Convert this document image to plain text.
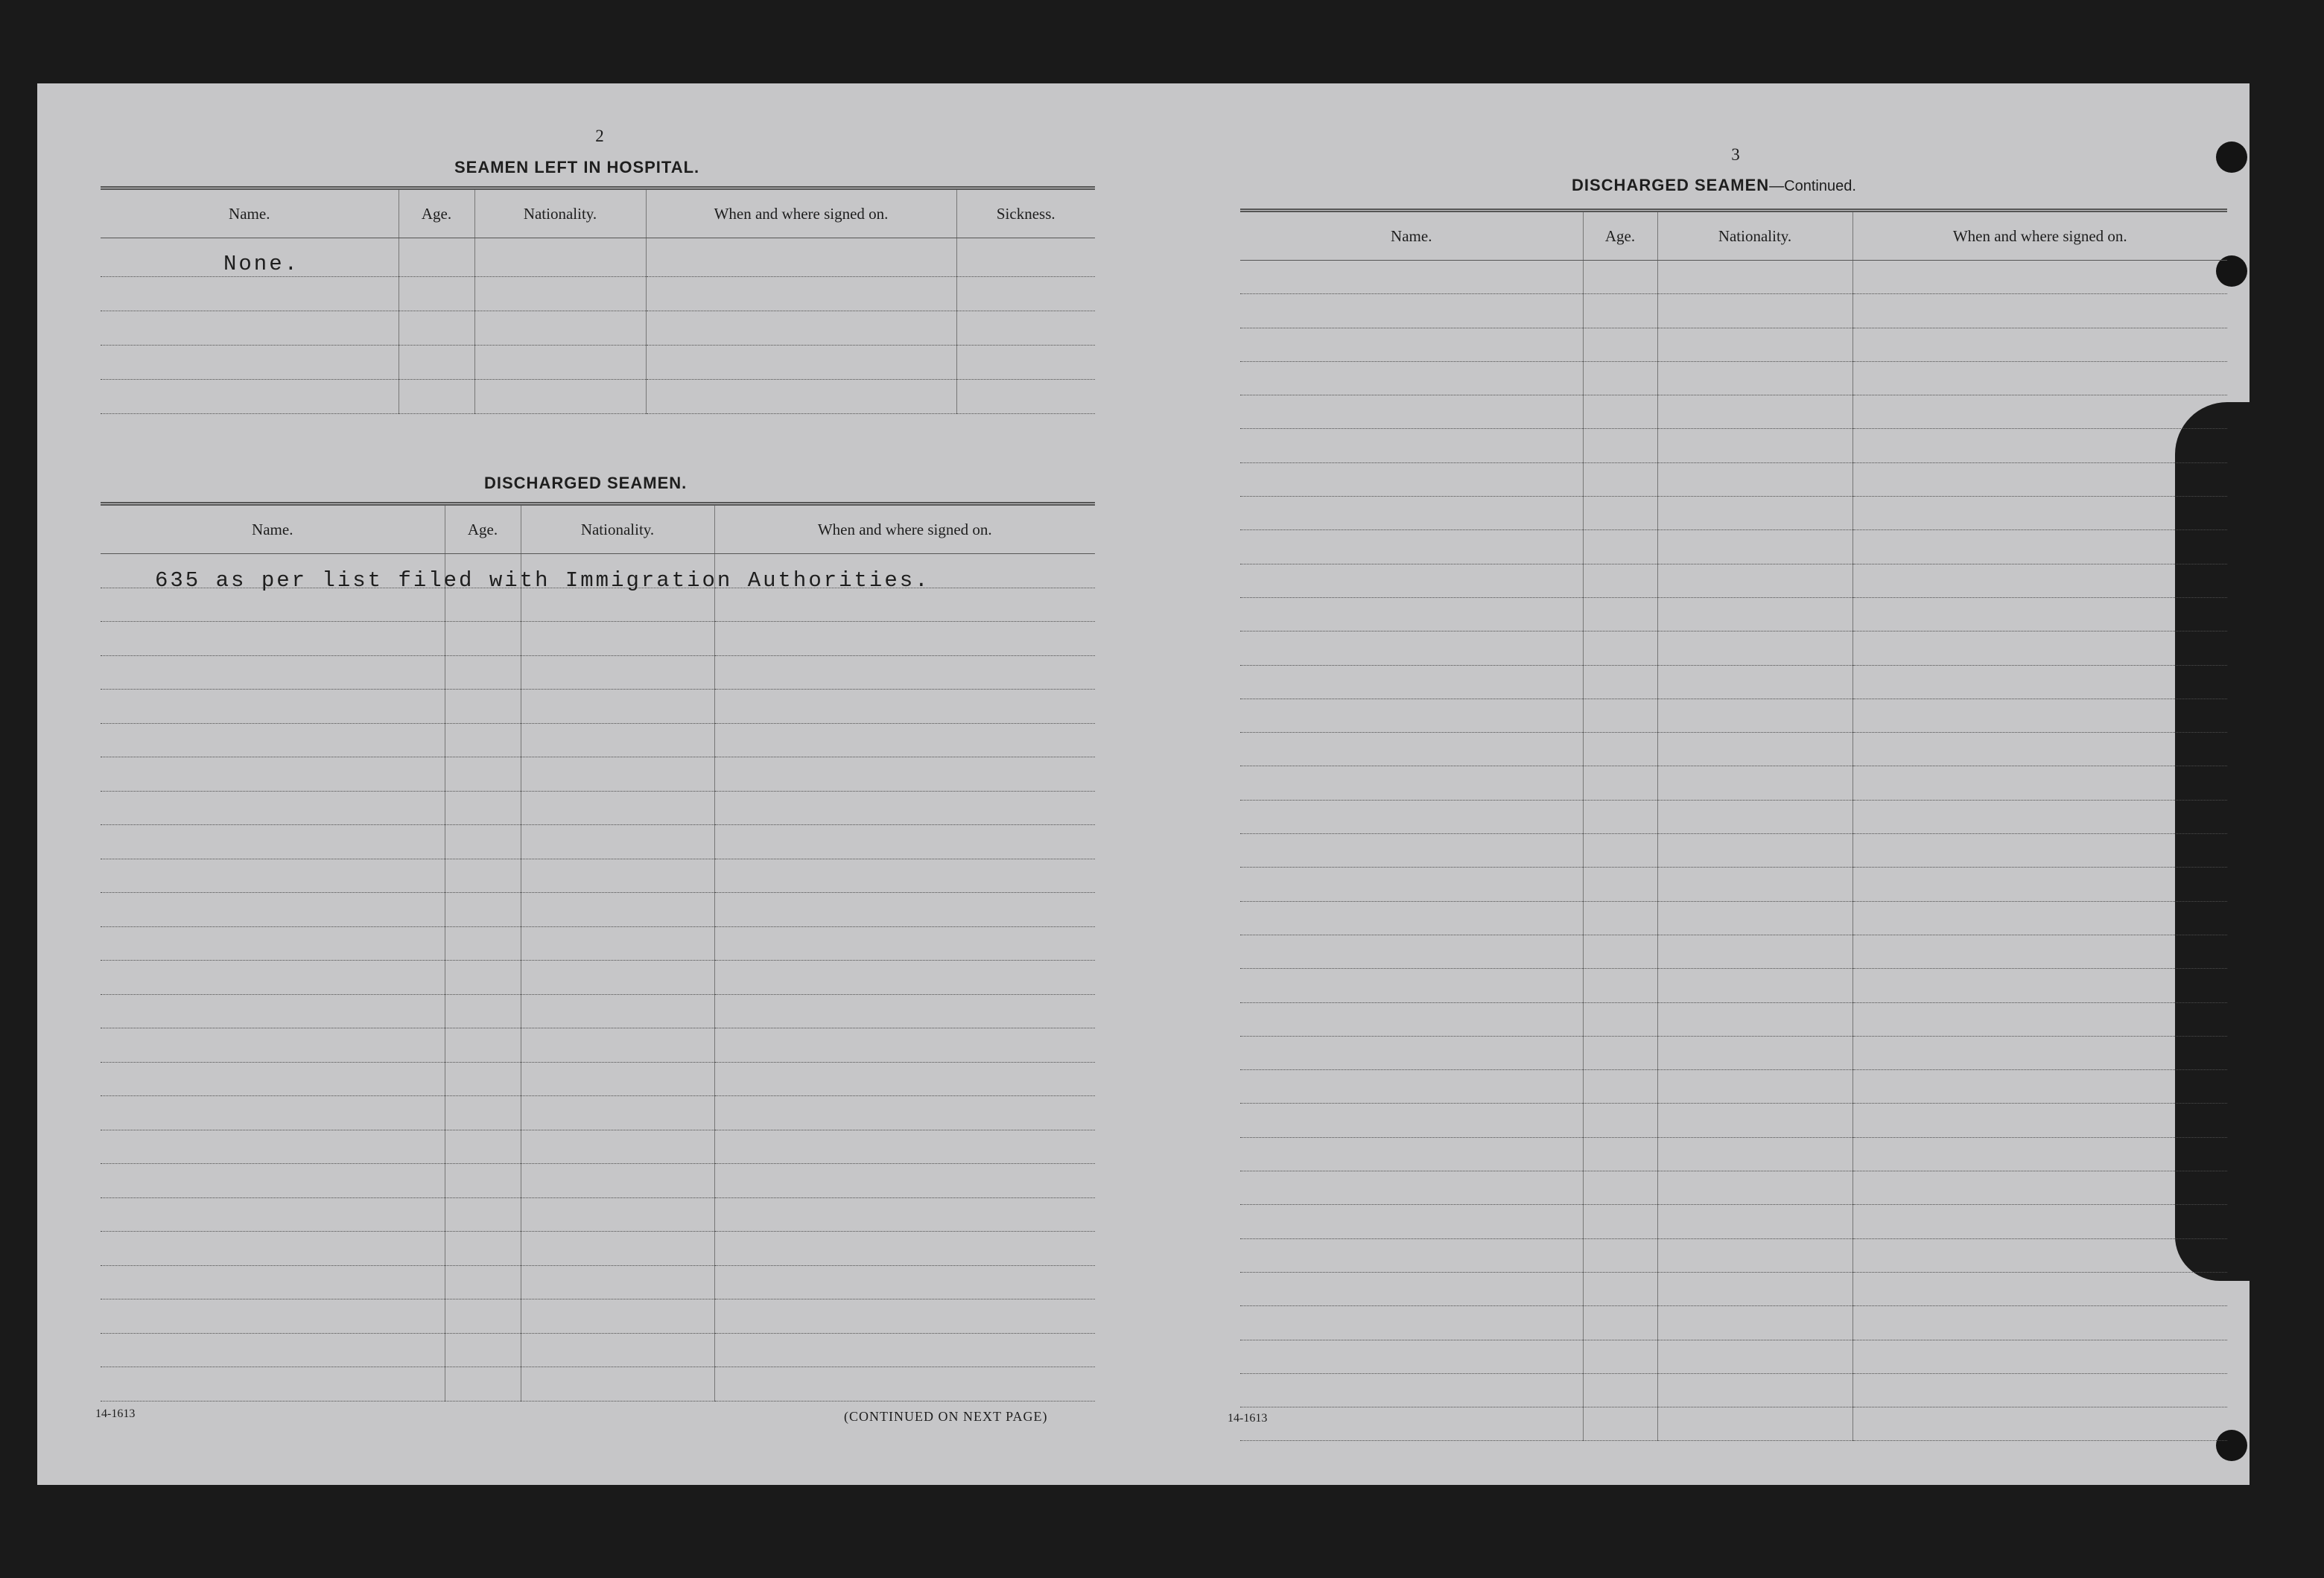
2
SEAMEN LEFT IN HOSPITAL.
Name.	Age.	Nationality.	When and where signed on.	Sickness.
None.				

DISCHARGED SEAMEN.
Name.	Age.	Nationality.	When and where signed on.

635 as per list filed with Immigration Authorities.
14-1613	(CONTINUED ON NEXT PAGE)
3
DISCHARGED SEAMEN—Continued.
Name.	Age.	Nationality.	When and where signed on.

14-1613
